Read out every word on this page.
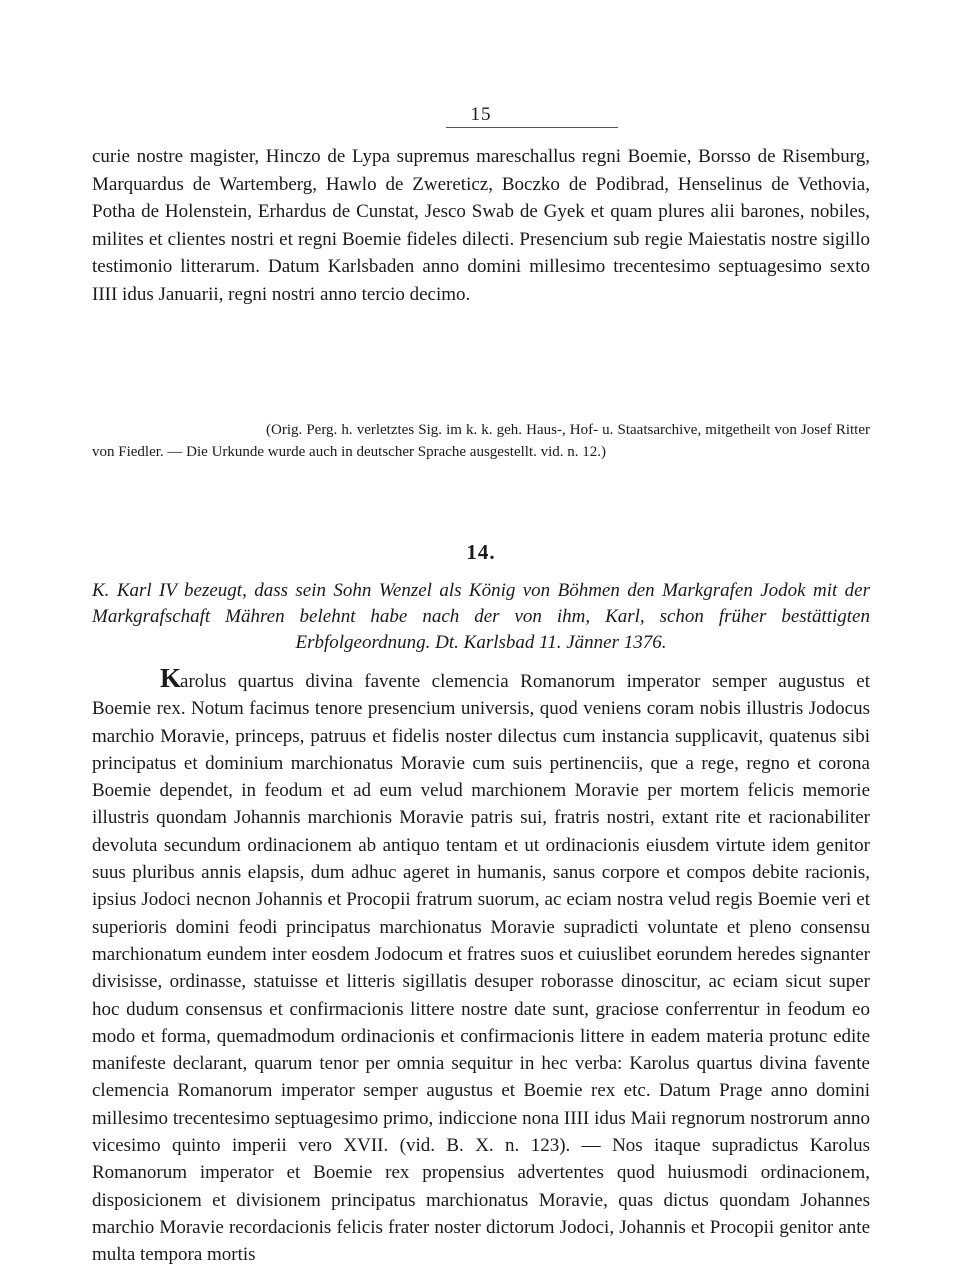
15

curie nostre magister, Hinczo de Lypa supremus mareschallus regni Boemie, Borsso de Risemburg, Marquardus de Wartemberg, Hawlo de Zwereticz, Boczko de Podibrad, Henselinus de Vethovia, Potha de Holenstein, Erhardus de Cunstat, Jesco Swab de Gyek et quam plures alii barones, nobiles, milites et clientes nostri et regni Boemie fideles dilecti. Presencium sub regie Maiestatis nostre sigillo testimonio litterarum. Datum Karlsbaden anno domini millesimo trecentesimo septuagesimo sexto IIII idus Januarii, regni nostri anno tercio decimo.

(Orig. Perg. h. verletztes Sig. im k. k. geh. Haus-, Hof- u. Staatsarchive, mitgetheilt von Josef Ritter von Fiedler. — Die Urkunde wurde auch in deutscher Sprache ausgestellt. vid. n. 12.)

14.

K. Karl IV bezeugt, dass sein Sohn Wenzel als König von Böhmen den Markgrafen Jodok mit der Markgrafschaft Mähren belehnt habe nach der von ihm, Karl, schon früher bestättigten Erbfolgeordnung. Dt. Karlsbad 11. Jänner 1376.

Karolus quartus divina favente clemencia Romanorum imperator semper augustus et Boemie rex. Notum facimus tenore presencium universis, quod veniens coram nobis illustris Jodocus marchio Moravie, princeps, patruus et fidelis noster dilectus cum instancia supplicavit, quatenus sibi principatus et dominium marchionatus Moravie cum suis pertinenciis, que a rege, regno et corona Boemie dependet, in feodum et ad eum velud marchionem Moravie per mortem felicis memorie illustris quondam Johannis marchionis Moravie patris sui, fratris nostri, extant rite et racionabiliter devoluta secundum ordinacionem ab antiquo tentam et ut ordinacionis eiusdem virtute idem genitor suus pluribus annis elapsis, dum adhuc ageret in humanis, sanus corpore et compos debite racionis, ipsius Jodoci necnon Johannis et Procopii fratrum suorum, ac eciam nostra velud regis Boemie veri et superioris domini feodi principatus marchionatus Moravie supradicti voluntate et pleno consensu marchionatum eundem inter eosdem Jodocum et fratres suos et cuiuslibet eorundem heredes signanter divisisse, ordinasse, statuisse et litteris sigillatis desuper roborasse dinoscitur, ac eciam sicut super hoc dudum consensus et confirmacionis littere nostre date sunt, graciose conferrentur in feodum eo modo et forma, quemadmodum ordinacionis et confirmacionis littere in eadem materia protunc edite manifeste declarant, quarum tenor per omnia sequitur in hec verba: Karolus quartus divina favente clemencia Romanorum imperator semper augustus et Boemie rex etc. Datum Prage anno domini millesimo trecentesimo septuagesimo primo, indiccione nona IIII idus Maii regnorum nostrorum anno vicesimo quinto imperii vero XVII. (vid. B. X. n. 123). — Nos itaque supradictus Karolus Romanorum imperator et Boemie rex propensius advertentes quod huiusmodi ordinacionem, disposicionem et divisionem principatus marchionatus Moravie, quas dictus quondam Johannes marchio Moravie recordacionis felicis frater noster dictorum Jodoci, Johannis et Procopii genitor ante multa tempora mortis
